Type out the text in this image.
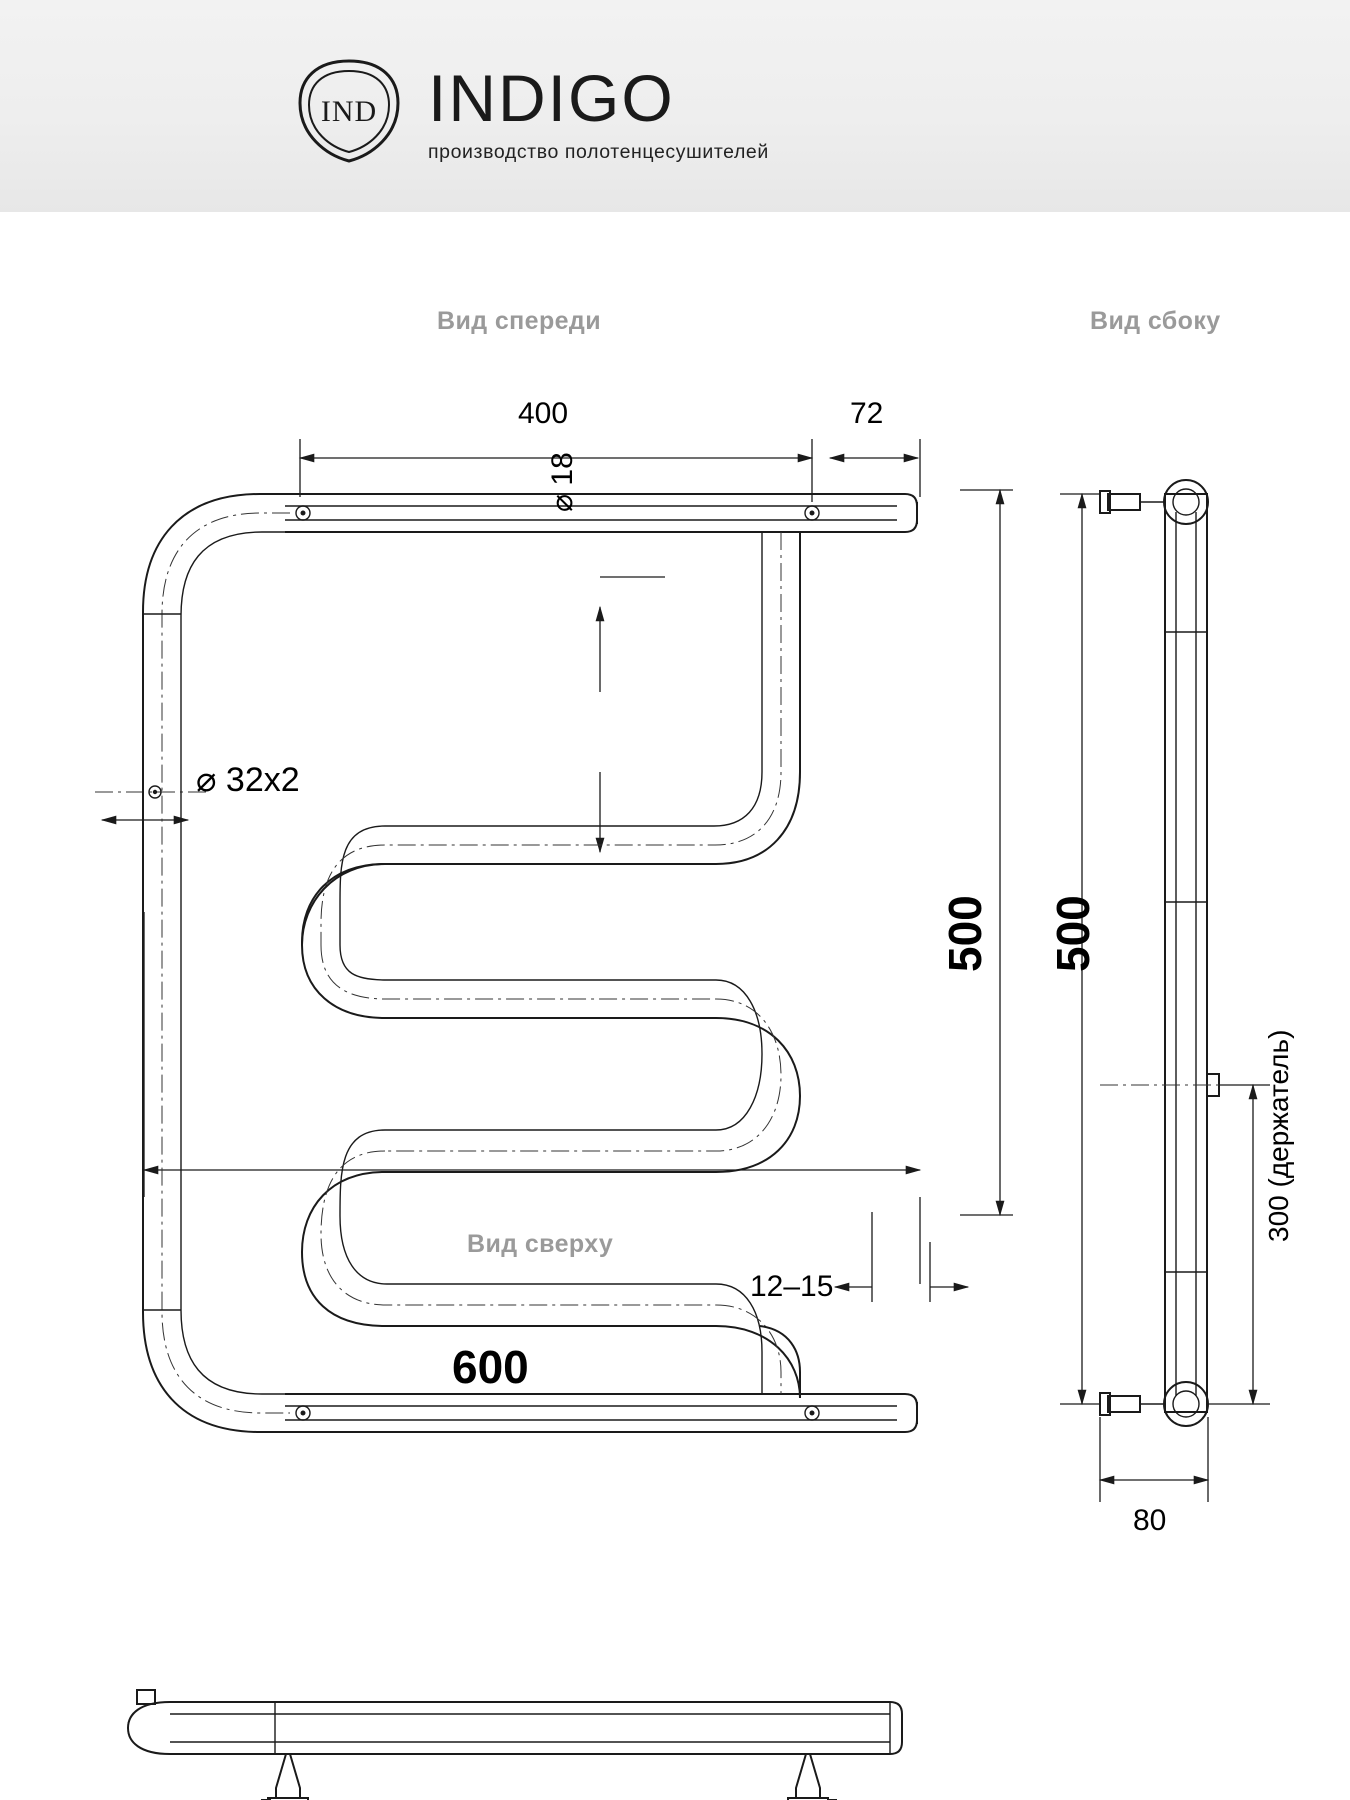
IND INDIGO
производство полотенцесушителей
Вид спереди	Вид сбоку
Вид сверху
400	72
⌀ 18
⌀ 32x2
500
12–15
600
500
300 (держатель)
80
